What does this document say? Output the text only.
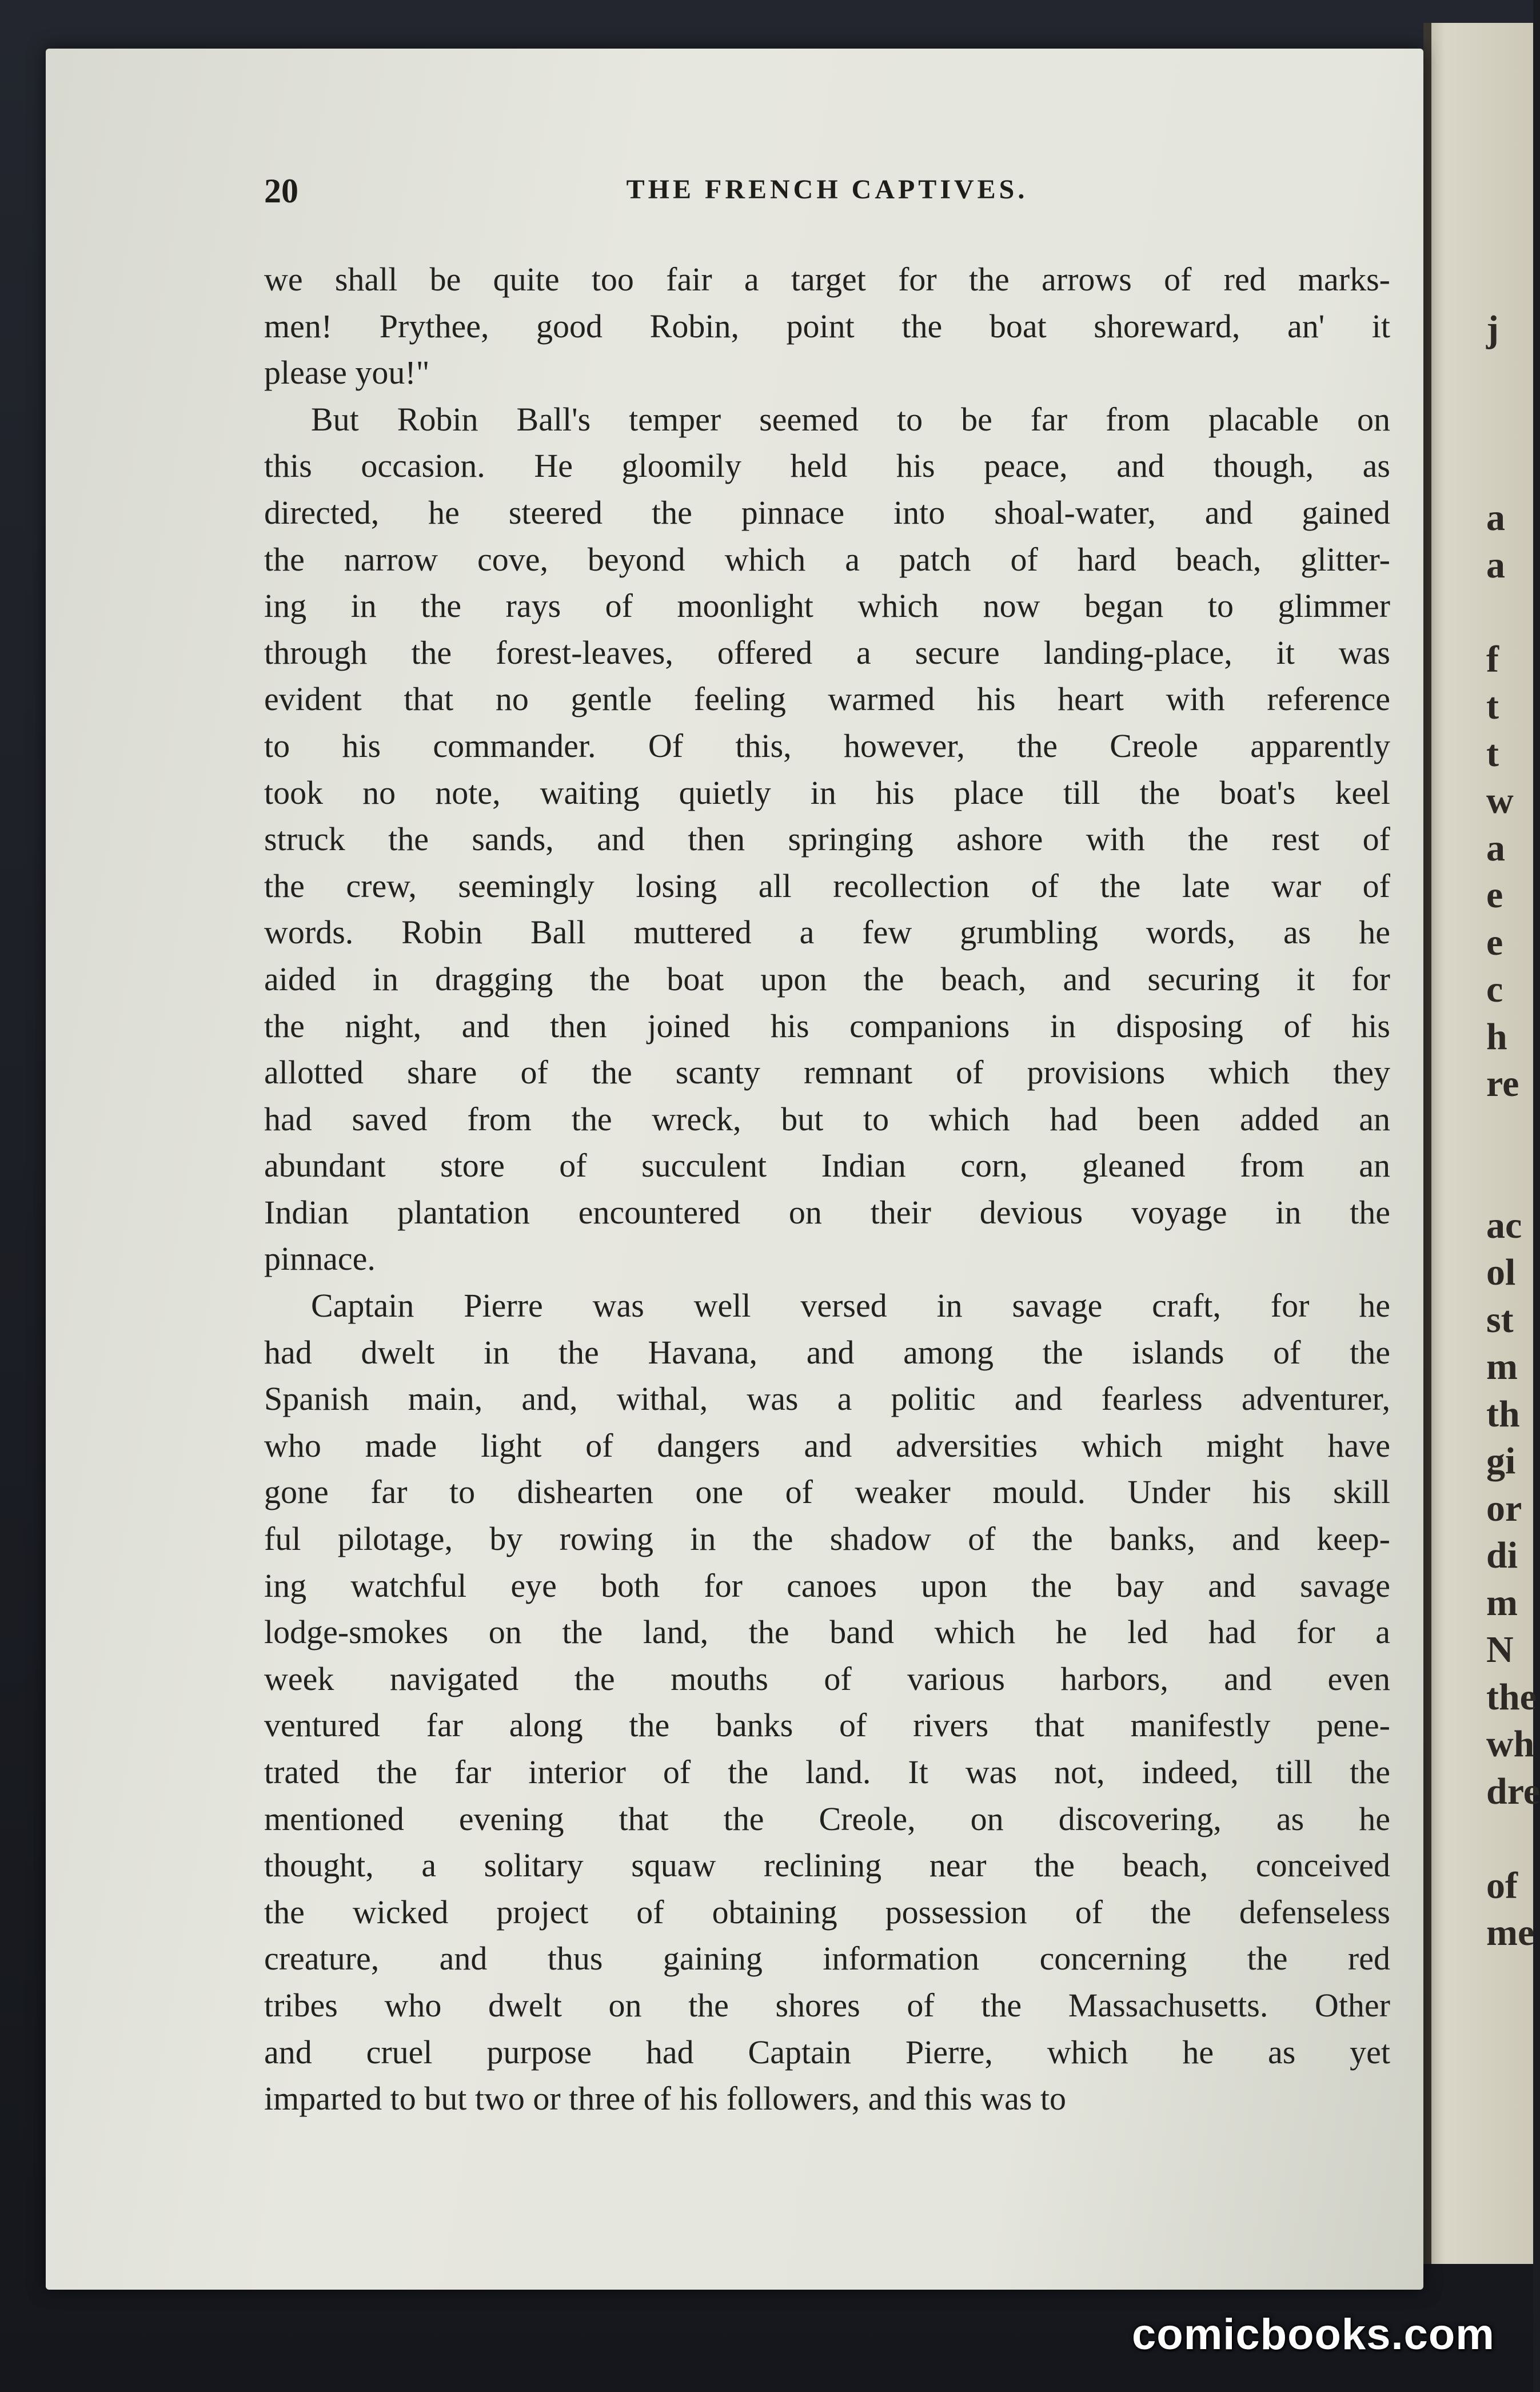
j
a
a
f
t
t
w
a
e
e
c
h
re
ac
ol
st
m
th
gi
or
di
m
N
the
wh
dre
of
me
20	THE FRENCH CAPTIVES.
we shall be quite too fair a target for the arrows of red marks-
men! Prythee, good Robin, point the boat shoreward, an' it
please you!"
But Robin Ball's temper seemed to be far from placable on
this occasion. He gloomily held his peace, and though, as
directed, he steered the pinnace into shoal-water, and gained
the narrow cove, beyond which a patch of hard beach, glitter-
ing in the rays of moonlight which now began to glimmer
through the forest-leaves, offered a secure landing-place, it was
evident that no gentle feeling warmed his heart with reference
to his commander. Of this, however, the Creole apparently
took no note, waiting quietly in his place till the boat's keel
struck the sands, and then springing ashore with the rest of
the crew, seemingly losing all recollection of the late war of
words. Robin Ball muttered a few grumbling words, as he
aided in dragging the boat upon the beach, and securing it for
the night, and then joined his companions in disposing of his
allotted share of the scanty remnant of provisions which they
had saved from the wreck, but to which had been added an
abundant store of succulent Indian corn, gleaned from an
Indian plantation encountered on their devious voyage in the
pinnace.
Captain Pierre was well versed in savage craft, for he
had dwelt in the Havana, and among the islands of the
Spanish main, and, withal, was a politic and fearless adventurer,
who made light of dangers and adversities which might have
gone far to dishearten one of weaker mould. Under his skill
ful pilotage, by rowing in the shadow of the banks, and keep-
ing watchful eye both for canoes upon the bay and savage
lodge-smokes on the land, the band which he led had for a
week navigated the mouths of various harbors, and even
ventured far along the banks of rivers that manifestly pene-
trated the far interior of the land. It was not, indeed, till the
mentioned evening that the Creole, on discovering, as he
thought, a solitary squaw reclining near the beach, conceived
the wicked project of obtaining possession of the defenseless
creature, and thus gaining information concerning the red
tribes who dwelt on the shores of the Massachusetts. Other
and cruel purpose had Captain Pierre, which he as yet
imparted to but two or three of his followers, and this was to
comicbooks.com
